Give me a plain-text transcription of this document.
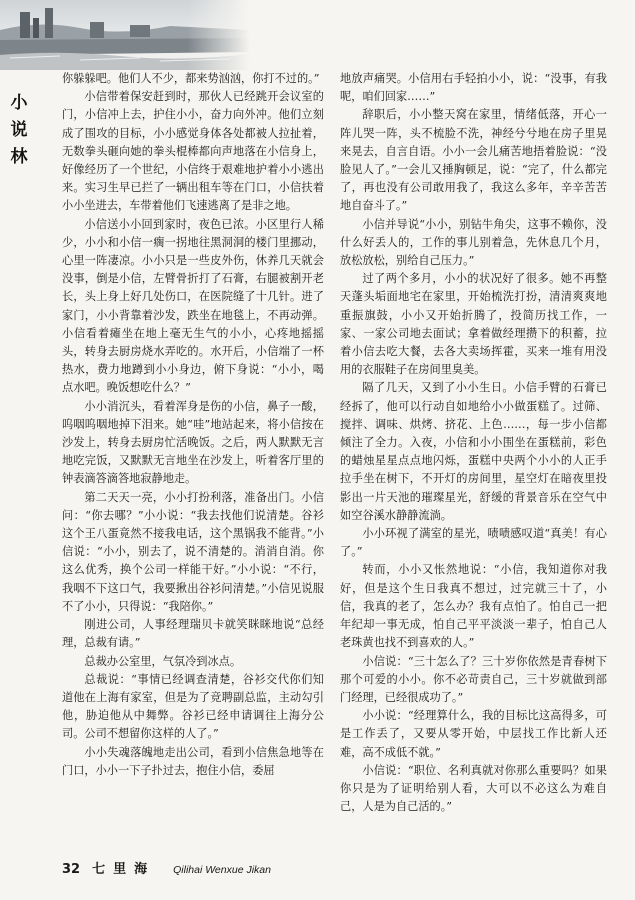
小说林

你躲躲吧。他们人不少，都来势汹汹，你打不过的。”

小信带着保安赶到时，那伙人已经跳开会议室的门，小信冲上去，护住小小，奋力向外冲。他们立刻成了围攻的目标，小小感觉身体各处都被人拉扯着，无数拳头砸向她的拳头棍棒都向声地落在小信身上，好像经历了一个世纪，小信终于艰难地护着小小逃出来。实习生早已拦了一辆出租车等在门口，小信扶着小小坐进去，车带着他们飞速逃离了是非之地。

小信送小小回到家时，夜色已浓。小区里行人稀少，小小和小信一瘸一拐地往黑洞洞的楼门里挪动，心里一阵凄凉。小小只是一些皮外伤，休养几天就会没事，倒是小信，左臂骨折打了石膏，右腿被割开老长，头上身上好几处伤口，在医院缝了十几针。进了家门，小小背靠着沙发，跌坐在地毯上，不再动弹。小信看着瘫坐在地上毫无生气的小小，心疼地摇摇头，转身去厨房烧水弄吃的。水开后，小信端了一杯热水，费力地蹲到小小身边，俯下身说：“小小，喝点水吧。晚饭想吃什么？”

小小消沉头，看着浑身是伤的小信，鼻子一酸，呜咽呜咽地掉下泪来。她“哇”地站起来，将小信按在沙发上，转身去厨房忙活晚饭。之后，两人默默无言地吃完饭，又默默无言地坐在沙发上，听着客厅里的钟表滴答滴答地寂静地走。

第二天天一亮，小小打扮利落，准备出门。小信问：“你去哪？”小小说：“我去找他们说清楚。谷衫这个王八蛋竟然不接我电话，这个黑锅我不能背。”小信说：“小小，别去了，说不清楚的。消消自消。你这么优秀，换个公司一样能干好。”小小说：“不行，我咽不下这口气，我要揪出谷衫问清楚。”小信见说服不了小小，只得说：“我陪你。”

刚进公司，人事经理瑞贝卡就笑眯眯地说“总经理，总裁有请。”

总裁办公室里，气氛冷到冰点。

总裁说：“事情已经调查清楚，谷衫交代你们知道他在上海有家室，但是为了竞聘副总监，主动勾引他，胁迫他从中舞弊。谷衫已经申请调往上海分公司。公司不想留你这样的人了。”

小小失魂落魄地走出公司，看到小信焦急地等在门口，小小一下子扑过去，抱住小信，委屈

地放声痛哭。小信用右手轻拍小小，说：“没事，有我呢，咱们回家……”

辞职后，小小整天窝在家里，情绪低落，开心一阵儿哭一阵，头不梳脸不洗，神经兮兮地在房子里晃来晃去，自言自语。小小一会儿痛苦地捂着脸说：“没脸见人了。”一会儿又捶胸顿足，说：“完了，什么都完了，再也没有公司敢用我了，我这么多年，辛辛苦苦地自奋斗了。”

小信并导说“小小，别钻牛角尖，这事不赖你，没什么好丢人的，工作的事儿别着急，先休息几个月，放松放松，别给自己压力。”

过了两个多月，小小的状况好了很多。她不再整天蓬头垢面地宅在家里，开始梳洗打扮，清清爽爽地重振旗鼓，小小又开始折腾了，投简历找工作，一家、一家公司地去面试；拿着做经理攒下的积蓄，拉着小信去吃大餐，去各大卖场挥霍，买来一堆有用没用的衣服鞋子在房间里臭美。

隔了几天，又到了小小生日。小信手臂的石膏已经拆了，他可以行动自如地给小小做蛋糕了。过筛、搅拌、调味、烘烤、挤花、上色……，每一步小信都倾注了全力。入夜，小信和小小围坐在蛋糕前，彩色的蜡烛星星点点地闪烁，蛋糕中央两个小小的人正手拉手坐在树下，不开灯的房间里，星空灯在暗夜里投影出一片天池的璀璨星光，舒缓的背景音乐在空气中如空谷溪水静静流淌。

小小环视了满室的星光，啧啧感叹道“真美！有心了。”

转而，小小又怅然地说：“小信，我知道你对我好，但是这个生日我真不想过，过完就三十了，小信，我真的老了，怎么办？我有点怕了。怕自己一把年纪却一事无成，怕自己平平淡淡一辈子，怕自己人老珠黄也找不到喜欢的人。”

小信说：“三十怎么了？三十岁你依然是青春树下那个可爱的小小。你不必苛责自己，三十岁就做到部门经理，已经很成功了。”

小小说：“经理算什么，我的目标比这高得多，可是工作丢了，又要从零开始，中层找工作比新人还难，高不成低不就。”

小信说：“职位、名利真就对你那么重要吗？如果你只是为了证明给别人看，大可以不必这么为难自己，人是为自己活的。”

32 七里海 Qilihai Wenxue Jikan
